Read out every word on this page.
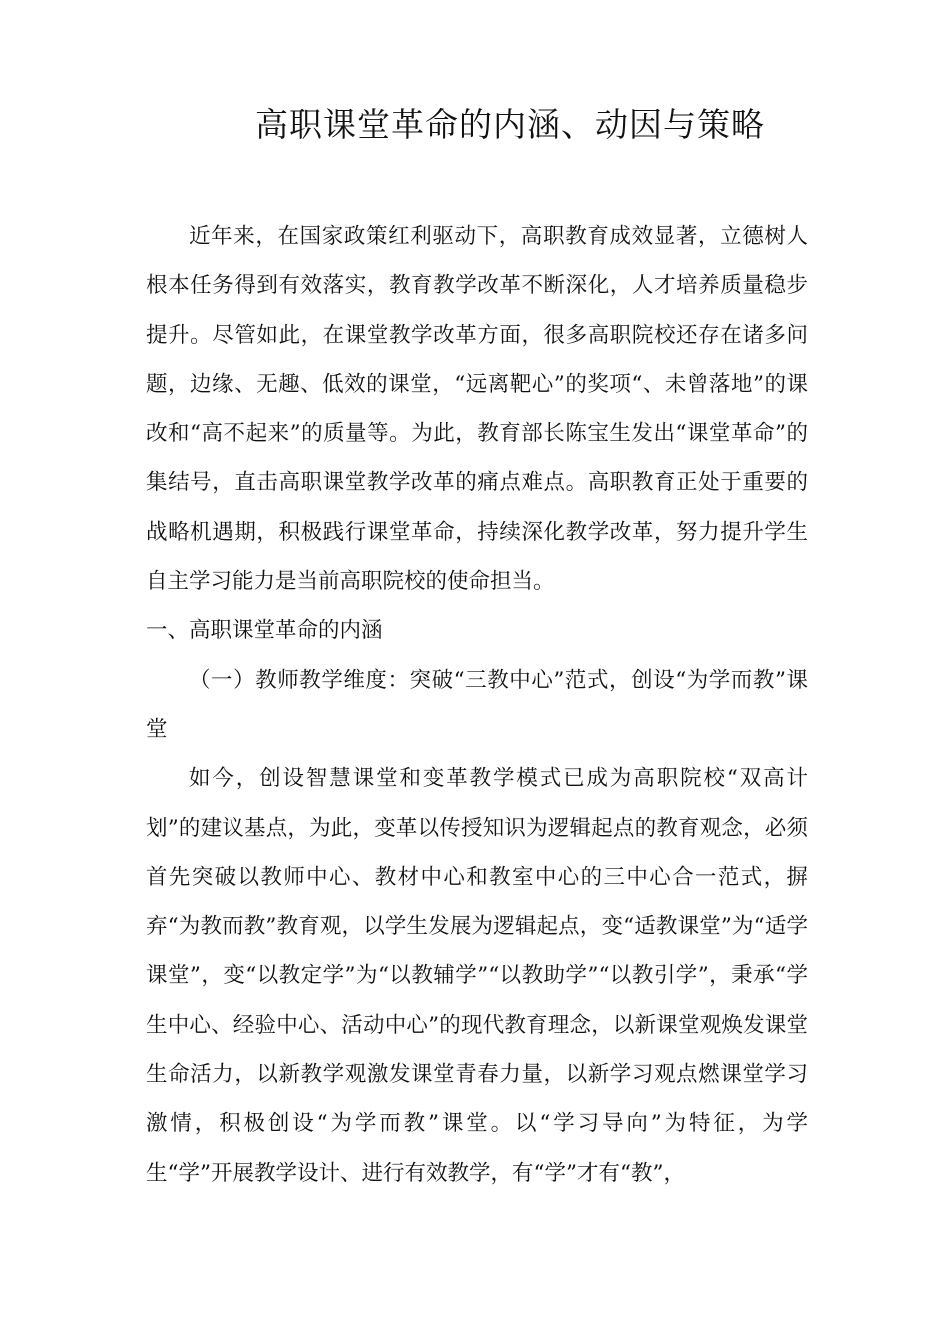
高职课堂革命的内涵、动因与策略

近年来，在国家政策红利驱动下，高职教育成效显著，立德树人根本任务得到有效落实，教育教学改革不断深化，人才培养质量稳步提升。尽管如此，在课堂教学改革方面，很多高职院校还存在诸多问题，边缘、无趣、低效的课堂，“远离靶心”的奖项“、未曾落地”的课改和“高不起来”的质量等。为此，教育部长陈宝生发出“课堂革命”的集结号，直击高职课堂教学改革的痛点难点。高职教育正处于重要的战略机遇期，积极践行课堂革命，持续深化教学改革，努力提升学生自主学习能力是当前高职院校的使命担当。

一、高职课堂革命的内涵

（一）教师教学维度：突破“三教中心”范式，创设“为学而教”课堂

如今，创设智慧课堂和变革教学模式已成为高职院校“双高计划”的建议基点，为此，变革以传授知识为逻辑起点的教育观念，必须首先突破以教师中心、教材中心和教室中心的三中心合一范式，摒弃“为教而教”教育观，以学生发展为逻辑起点，变“适教课堂”为“适学课堂”，变“以教定学”为“以教辅学”“以教助学”“以教引学”，秉承“学生中心、经验中心、活动中心”的现代教育理念，以新课堂观焕发课堂生命活力，以新教学观激发课堂青春力量，以新学习观点燃课堂学习激情，积极创设“为学而教”课堂。以“学习导向”为特征，为学生“学”开展教学设计、进行有效教学，有“学”才有“教”，
